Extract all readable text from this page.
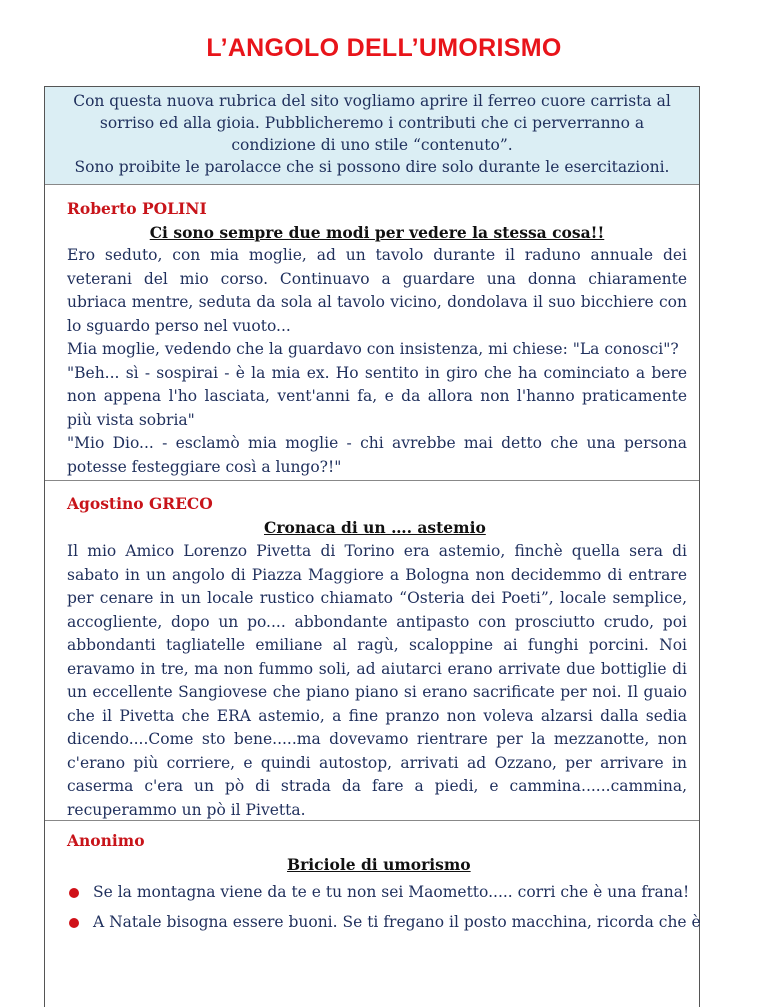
L’ANGOLO DELL’UMORISMO
Con questa nuova rubrica del sito vogliamo aprire il ferreo cuore carrista al
sorriso ed alla gioia. Pubblicheremo i contributi che ci perverranno a
condizione di uno stile “contenuto”.
Sono proibite le parolacce che si possono dire solo durante le esercitazioni.
Roberto POLINI
Ci sono sempre due modi per vedere la stessa cosa!!
Ero seduto, con mia moglie, ad un tavolo durante il raduno annuale dei veterani del mio corso. Continuavo a guardare una donna chiaramente ubriaca mentre, seduta da sola al tavolo vicino, dondolava il suo bicchiere con lo sguardo perso nel vuoto...
Mia moglie, vedendo che la guardavo con insistenza, mi chiese: "La conosci"?
"Beh... sì - sospirai - è la mia ex. Ho sentito in giro che ha cominciato a bere non appena l'ho lasciata, vent'anni fa, e da allora non l'hanno praticamente più vista sobria"
"Mio Dio... - esclamò mia moglie - chi avrebbe mai detto che una persona potesse festeggiare così a lungo?!"
Agostino GRECO
Cronaca di un …. astemio
Il mio Amico Lorenzo Pivetta di Torino era astemio, finchè quella sera di sabato in un angolo di Piazza Maggiore a Bologna non decidemmo di entrare per cenare in un locale rustico chiamato “Osteria dei Poeti”, locale semplice, accogliente, dopo un po.... abbondante antipasto con prosciutto crudo, poi abbondanti tagliatelle emiliane al ragù, scaloppine ai funghi porcini. Noi eravamo in tre, ma non fummo soli, ad aiutarci erano arrivate due bottiglie di un eccellente Sangiovese che piano piano si erano sacrificate per noi. Il guaio che il Pivetta che ERA astemio, a fine pranzo non voleva alzarsi dalla sedia dicendo....Come sto bene.....ma dovevamo rientrare per la mezzanotte, non c'erano più corriere, e quindi autostop, arrivati ad Ozzano, per arrivare in caserma c'era un pò di strada da fare a piedi, e cammina......cammina, recuperammo un pò il Pivetta.
Anonimo
Briciole di umorismo
Se la montagna viene da te e tu non sei Maometto..... corri che è una frana!
A Natale bisogna essere buoni. Se ti fregano il posto macchina, ricorda che è
